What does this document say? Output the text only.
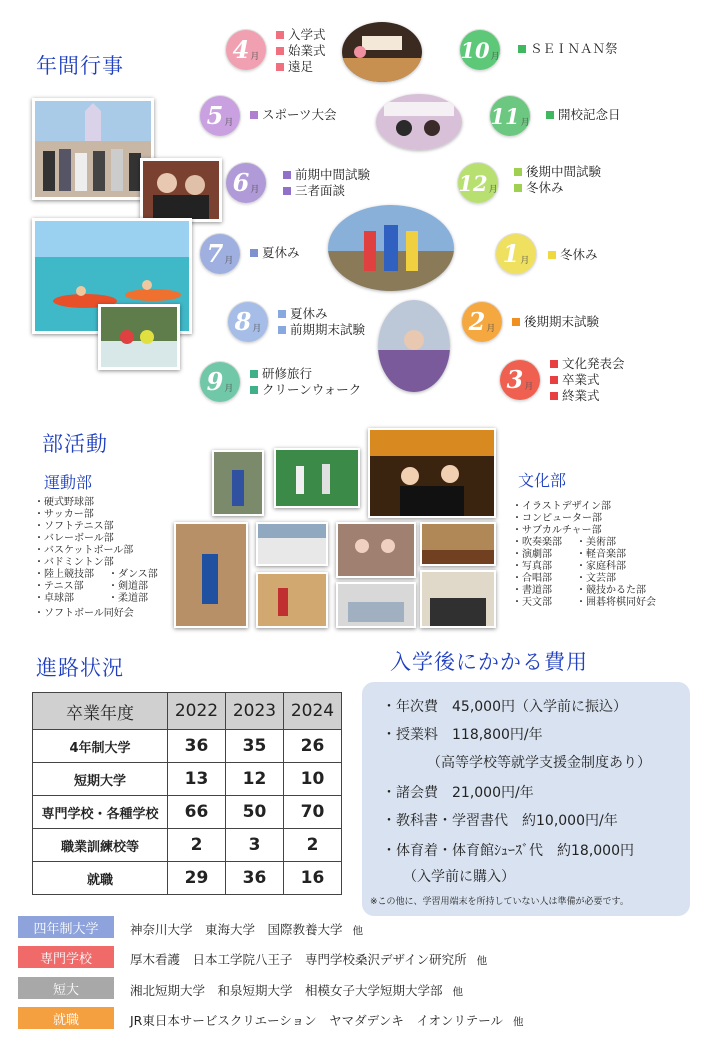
年間行事
部活動
運動部	文化部
進路状況	入学後にかかる費用
4 月
入学式
始業式
遠足
5 月
スポーツ大会
6 月
前期中間試験
三者面談
7 月
夏休み
8 月
夏休み
前期期末試験
9 月
研修旅行
クリーンウォーク
10 月
ＳＥＩＮＡＮ祭
11 月
開校記念日
12 月
後期中間試験
冬休み
1 月 冬休み
2 月 後期期末試験
3 月
文化発表会
卒業式
終業式
・硬式野球部
・サッカー部
・ソフトテニス部
・バレーボール部
・バスケットボール部
・バドミントン部
・陸上競技部 ・ダンス部
・テニス部 ・剣道部
・卓球部	・柔道部
・ソフトボール同好会
・イラストデザイン部
・コンピューター部
・サブカルチャー部
・吹奏楽部 ・美術部
・演劇部 ・軽音楽部
・写真部 ・家庭科部
・合唱部 ・文芸部
・書道部 ・競技かるた部
・天文部 ・囲碁将棋同好会
卒業年度	2022	2023	2024
4年制大学	36	35	26
短期大学	13	12	10
専門学校・各種学校	66	50	70
職業訓練校等	2	3	2
就職	29	36	16
・年次費　45,000円（入学前に振込）
・授業料　118,800円/年
　（高等学校等就学支援金制度あり）
・諸会費　21,000円/年
・教科書・学習書代　約10,000円/年
・体育着・体育館ｼｭｰｽﾞ代　約18,000円
　（入学前に購入）
※この他に、学習用端末を所持していない人は準備が必要です。
四年制大学	神奈川大学　東海大学　国際教養大学 他
専門学校	厚木看護　日本工学院八王子　専門学校桑沢デザイン研究所 他
短大	湘北短期大学　和泉短期大学　相模女子大学短期大学部 他
就職	JR東日本サービスクリエーション　ヤマダデンキ　イオンリテール 他
